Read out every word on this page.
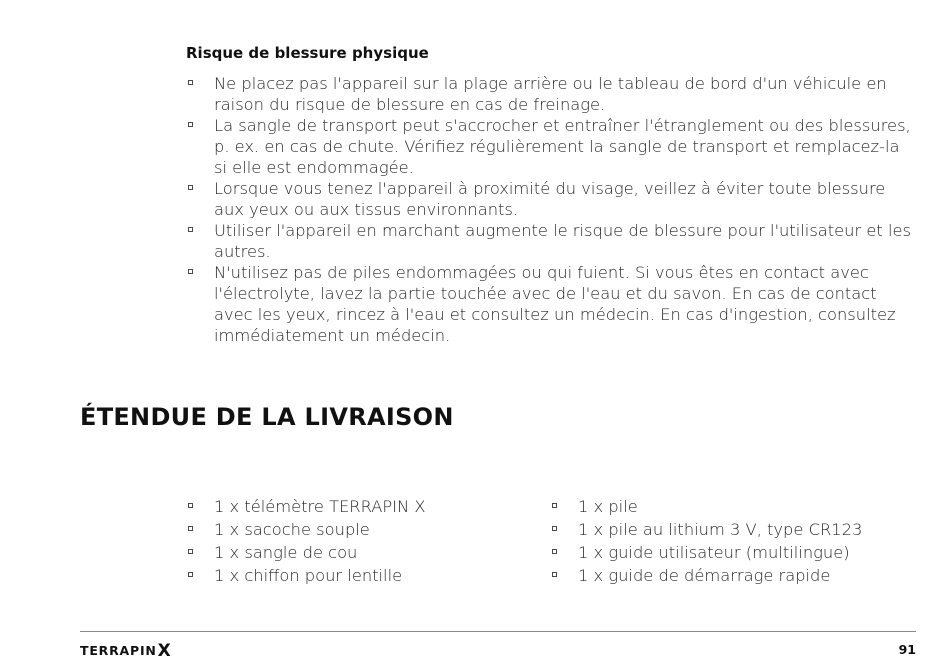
Risque de blessure physique
Ne placez pas l'appareil sur la plage arrière ou le tableau de bord d'un véhicule en raison du risque de blessure en cas de freinage.
La sangle de transport peut s'accrocher et entraîner l'étranglement ou des blessures, p. ex. en cas de chute. Vérifiez régulièrement la sangle de transport et remplacez-la si elle est endommagée.
Lorsque vous tenez l'appareil à proximité du visage, veillez à éviter toute blessure aux yeux ou aux tissus environnants.
Utiliser l'appareil en marchant augmente le risque de blessure pour l'utilisateur et les autres.
N'utilisez pas de piles endommagées ou qui fuient. Si vous êtes en contact avec l'électrolyte, lavez la partie touchée avec de l'eau et du savon. En cas de contact avec les yeux, rincez à l'eau et consultez un médecin. En cas d'ingestion, consultez immédiatement un médecin.
ÉTENDUE DE LA LIVRAISON
1 x télémètre TERRAPIN X
1 x sacoche souple
1 x sangle de cou
1 x chiffon pour lentille
1 x pile
1 x pile au lithium 3 V, type CR123
1 x guide utilisateur (multilingue)
1 x guide de démarrage rapide
TERRAPINX	91
